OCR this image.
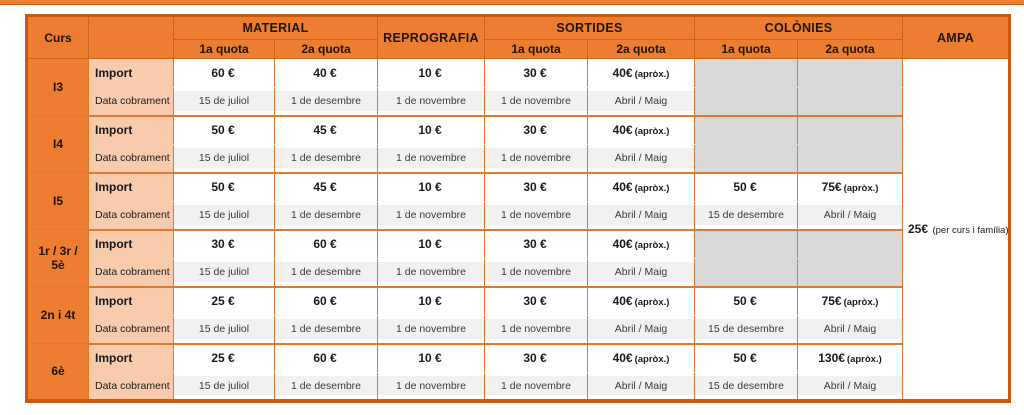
Curs		MATERIAL		REPROGRAFIA	SORTIDES		COLÒNIES		AMPA
		1a quota	2a quota		1a quota	2a quota	1a quota	2a quota	
I3	Import	60 €	40 €	10 €	30 €	40€ (apròx.)			25€ (per curs i família)
	Data cobrament	15 de juliol	1 de desembre	1 de novembre	1 de novembre	Abril / Maig			
I4	Import	50 €	45 €	10 €	30 €	40€ (apròx.)			
	Data cobrament	15 de juliol	1 de desembre	1 de novembre	1 de novembre	Abril / Maig			
I5	Import	50 €	45 €	10 €	30 €	40€ (apròx.)	50 €	75€ (apròx.)	
	Data cobrament	15 de juliol	1 de desembre	1 de novembre	1 de novembre	Abril / Maig	15 de desembre	Abril / Maig	
1r / 3r / 5è	Import	30 €	60 €	10 €	30 €	40€ (apròx.)			
	Data cobrament	15 de juliol	1 de desembre	1 de novembre	1 de novembre	Abril / Maig			
2n i 4t	Import	25 €	60 €	10 €	30 €	40€ (apròx.)	50 €	75€ (apròx.)	
	Data cobrament	15 de juliol	1 de desembre	1 de novembre	1 de novembre	Abril / Maig	15 de desembre	Abril / Maig	
6è	Import	25 €	60 €	10 €	30 €	40€ (apròx.)	50 €	130€ (apròx.)	
	Data cobrament	15 de juliol	1 de desembre	1 de novembre	1 de novembre	Abril / Maig	15 de desembre	Abril / Maig	
